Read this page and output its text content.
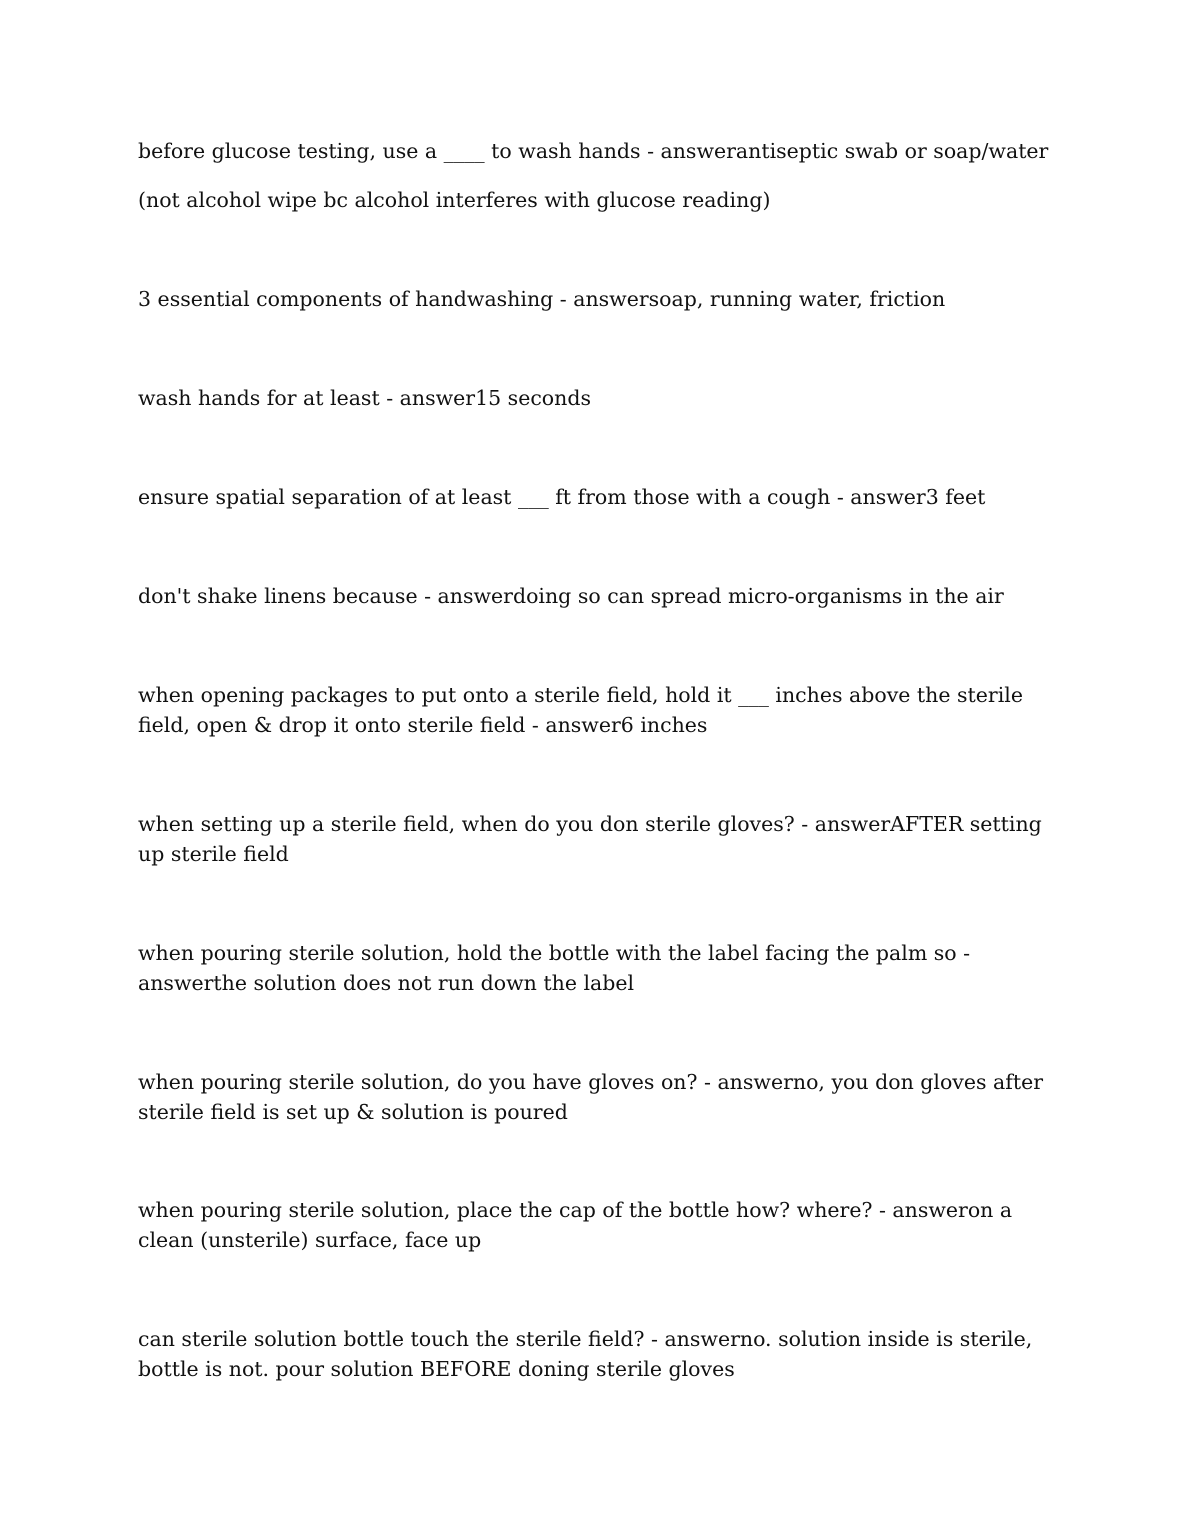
before glucose testing, use a ____ to wash hands - answerantiseptic swab or soap/water

(not alcohol wipe bc alcohol interferes with glucose reading)

3 essential components of handwashing - answersoap, running water, friction

wash hands for at least - answer15 seconds

ensure spatial separation of at least ___ ft from those with a cough - answer3 feet

don't shake linens because - answerdoing so can spread micro-organisms in the air

when opening packages to put onto a sterile field, hold it ___ inches above the sterile field, open & drop it onto sterile field - answer6 inches

when setting up a sterile field, when do you don sterile gloves? - answerAFTER setting up sterile field

when pouring sterile solution, hold the bottle with the label facing the palm so - answerthe solution does not run down the label

when pouring sterile solution, do you have gloves on? - answerno, you don gloves after sterile field is set up & solution is poured

when pouring sterile solution, place the cap of the bottle how? where? - answeron a clean (unsterile) surface, face up

can sterile solution bottle touch the sterile field? - answerno. solution inside is sterile, bottle is not. pour solution BEFORE doning sterile gloves
